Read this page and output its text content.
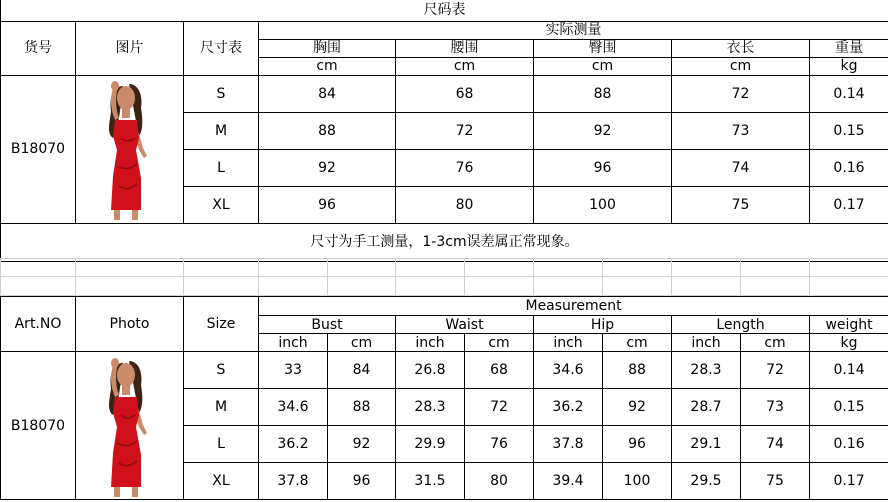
尺码表							
货号	图片	尺寸表	实际测量				
			胸围	腰围	臀围	衣长	重量
			cm	cm	cm	cm	kg
B18070		S	84	68	88	72	0.14
		M	88	72	92	73	0.15
		L	92	76	96	74	0.16
		XL	96	80	100	75	0.17
尺寸为手工测量，1-3cm误差属正常现象。							

Art.NO	Photo	Size	Measurement								
			Bust		Waist		Hip		Length		weight
			inch	cm	inch	cm	inch	cm	inch	cm	kg
B18070		S	33	84	26.8	68	34.6	88	28.3	72	0.14
		M	34.6	88	28.3	72	36.2	92	28.7	73	0.15
		L	36.2	92	29.9	76	37.8	96	29.1	74	0.16
		XL	37.8	96	31.5	80	39.4	100	29.5	75	0.17
